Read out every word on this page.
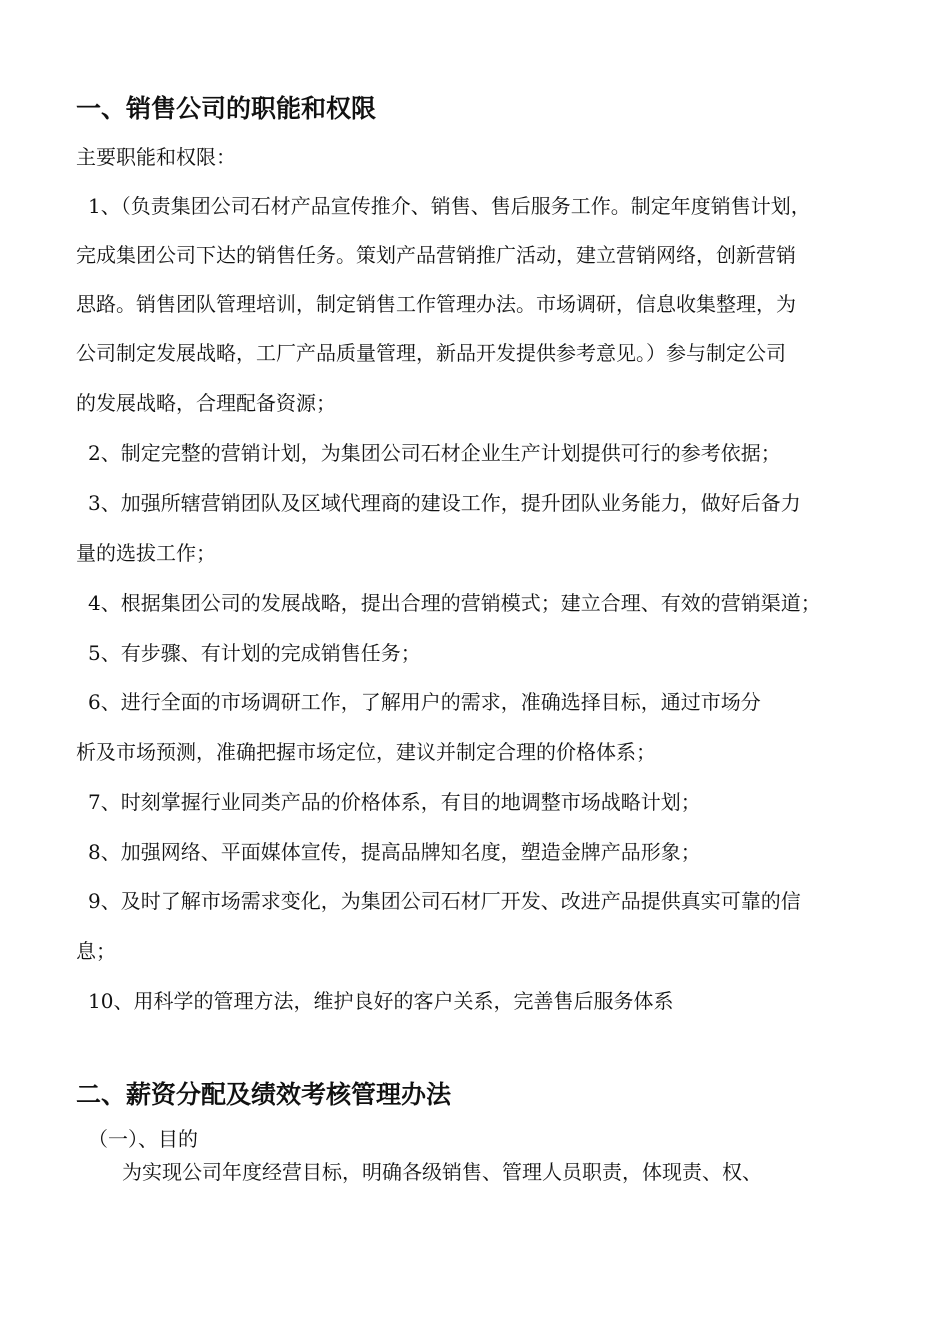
一、销售公司的职能和权限
主要职能和权限：
1、（负责集团公司石材产品宣传推介、销售、售后服务工作。制定年度销售计划，
完成集团公司下达的销售任务。策划产品营销推广活动，建立营销网络，创新营销
思路。销售团队管理培训，制定销售工作管理办法。市场调研，信息收集整理，为
公司制定发展战略，工厂产品质量管理，新品开发提供参考意见。）参与制定公司
的发展战略，合理配备资源；
2、制定完整的营销计划，为集团公司石材企业生产计划提供可行的参考依据；
3、加强所辖营销团队及区域代理商的建设工作，提升团队业务能力，做好后备力
量的选拔工作；
4、根据集团公司的发展战略，提出合理的营销模式；建立合理、有效的营销渠道；
5、有步骤、有计划的完成销售任务；
6、进行全面的市场调研工作，了解用户的需求，准确选择目标，通过市场分
析及市场预测，准确把握市场定位，建议并制定合理的价格体系；
7、时刻掌握行业同类产品的价格体系，有目的地调整市场战略计划；
8、加强网络、平面媒体宣传，提高品牌知名度，塑造金牌产品形象；
9、及时了解市场需求变化，为集团公司石材厂开发、改进产品提供真实可靠的信
息；
10、用科学的管理方法，维护良好的客户关系，完善售后服务体系
二、薪资分配及绩效考核管理办法
（一）、目的
为实现公司年度经营目标，明确各级销售、管理人员职责，体现责、权、
